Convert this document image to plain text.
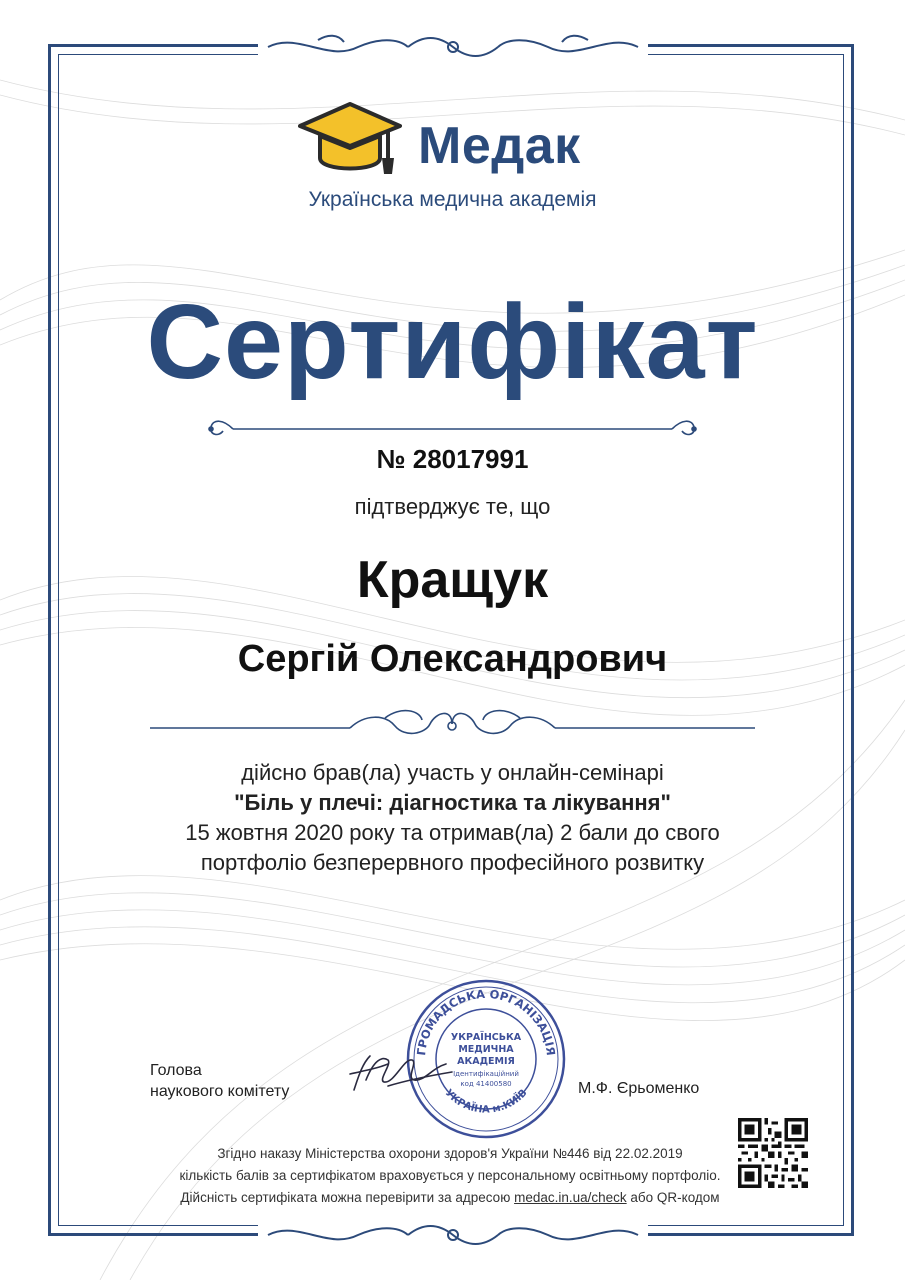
Медак
Українська медична академія
Сертифікат
№ 28017991
підтверджує те, що
Кращук
Сергій Олександрович
дійсно брав(ла) участь у онлайн-семінарі
"Біль у плечі: діагностика та лікування"
15 жовтня 2020 року та отримав(ла) 2 бали до свого
портфоліо безперервного професійного розвитку
Голова
наукового комітету
ГРОМАДСЬКА ОРГАНІЗАЦІЯ
УКРАЇНА м.КИЇВ
УКРАЇНСЬКА
МЕДИЧНА
АКАДЕМІЯ
Ідентифікаційний
код 41400580	М.Ф. Єрьоменко
Згідно наказу Міністерства охорони здоров'я України №446 від 22.02.2019
кількість балів за сертифікатом враховується у персональному освітньому портфоліо.
Дійсність сертифіката можна перевірити за адресою medac.in.ua/check або QR-кодом
